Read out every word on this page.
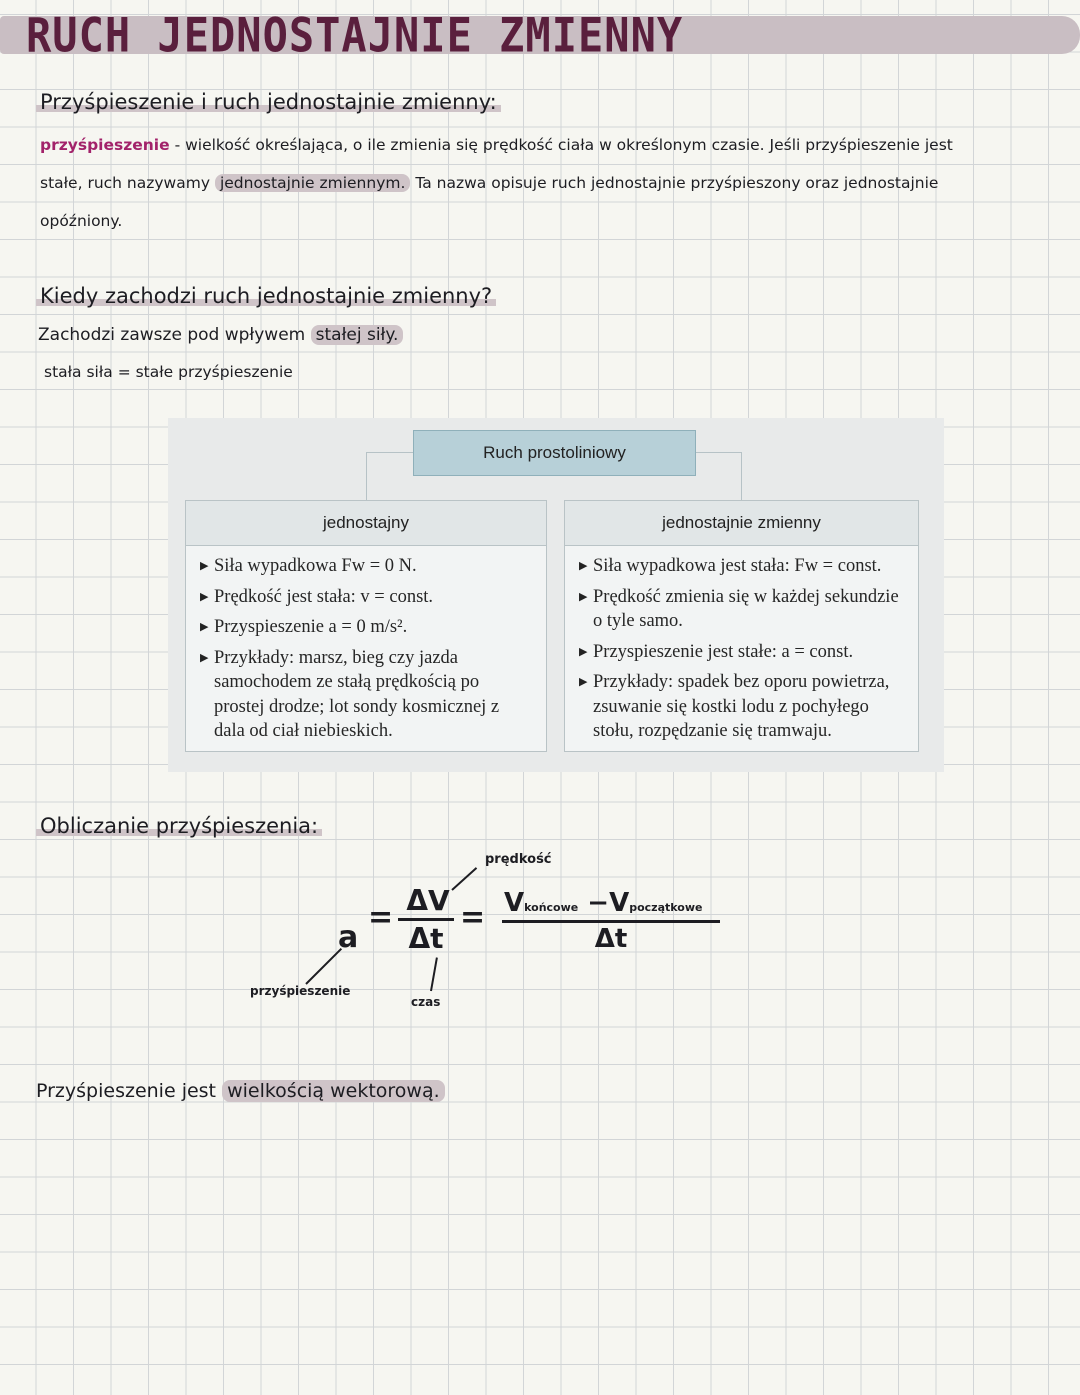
RUCH JEDNOSTAJNIE ZMIENNY
Przyśpieszenie i ruch jednostajnie zmienny:
przyśpieszenie - wielkość określająca, o ile zmienia się prędkość ciała w określonym czasie. Jeśli przyśpieszenie jest
stałe, ruch nazywamy jednostajnie zmiennym. Ta nazwa opisuje ruch jednostajnie przyśpieszony oraz jednostajnie
opóźniony.
Kiedy zachodzi ruch jednostajnie zmienny?
Zachodzi zawsze pod wpływem stałej siły.
stała siła = stałe przyśpieszenie
Ruch prostoliniowy
jednostajny
▶ Siła wypadkowa Fw = 0 N.
▶ Prędkość jest stała: v = const.
▶ Przyspieszenie a = 0 m/s².
▶ Przykłady: marsz, bieg czy jazda samochodem ze stałą prędkością po prostej drodze; lot sondy kosmicznej z dala od ciał niebieskich.
jednostajnie zmienny
▶ Siła wypadkowa jest stała: Fw = const.
▶ Prędkość zmienia się w każdej sekundzie o tyle samo.
▶ Przyspieszenie jest stałe: a = const.
▶ Przykłady: spadek bez oporu powietrza, zsuwanie się kostki lodu z pochyłego stołu, rozpędzanie się tramwaju.
Obliczanie przyśpieszenia:
a
= ΔV
Δt
= Vkońcowe −Vpoczątkowe
Δt
prędkość
czas
przyśpieszenie
Przyśpieszenie jest wielkością wektorową.
